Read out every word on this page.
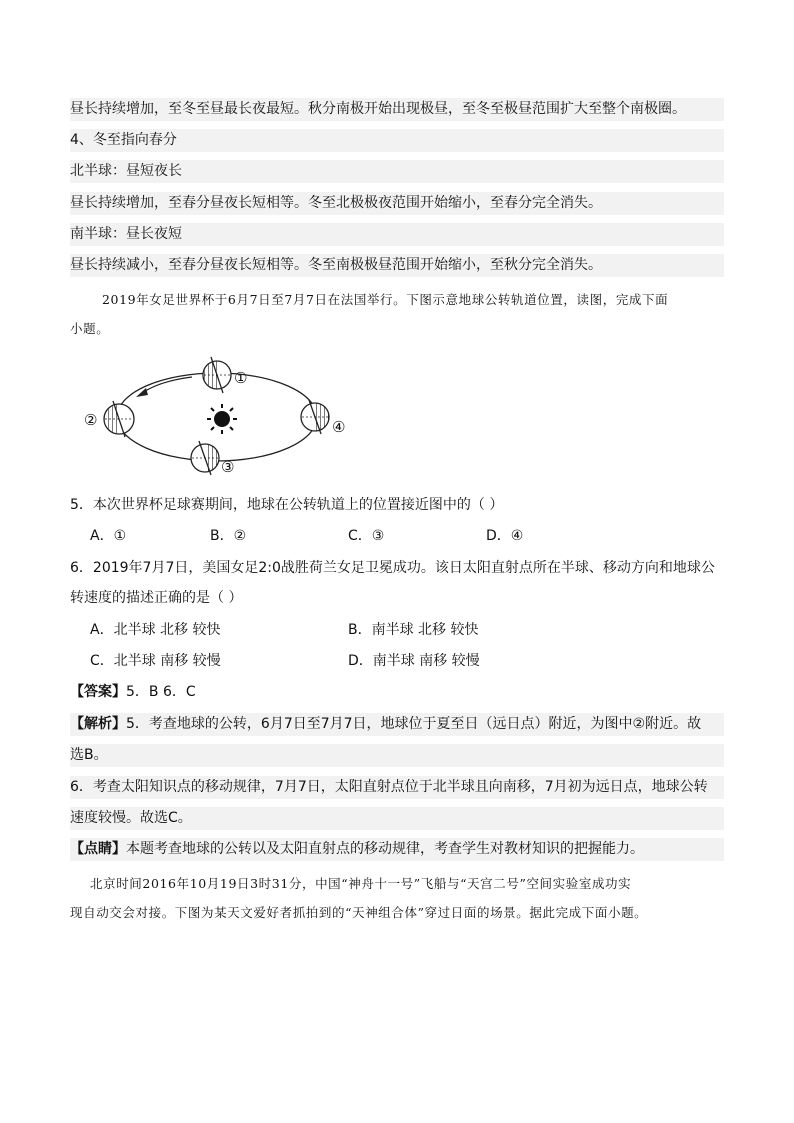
昼长持续增加，至冬至昼最长夜最短。秋分南极开始出现极昼，至冬至极昼范围扩大至整个南极圈。
4、冬至指向春分
北半球：昼短夜长
昼长持续增加，至春分昼夜长短相等。冬至北极极夜范围开始缩小，至春分完全消失。
南半球：昼长夜短
昼长持续减小，至春分昼夜长短相等。冬至南极极昼范围开始缩小，至秋分完全消失。
2019年女足世界杯于6月7日至7月7日在法国举行。下图示意地球公转轨道位置，读图，完成下面
小题。
①
②
③
④
5．本次世界杯足球赛期间，地球在公转轨道上的位置接近图中的（ ）
A．①	B．②	C．③	D．④
6．2019年7月7日，美国女足2:0战胜荷兰女足卫冕成功。该日太阳直射点所在半球、移动方向和地球公
转速度的描述正确的是（ ）
A．北半球 北移 较快	B．南半球 北移 较快
C．北半球 南移 较慢	D．南半球 南移 较慢
【答案】5．B 6．C
【解析】5．考查地球的公转，6月7日至7月7日，地球位于夏至日（远日点）附近，为图中②附近。故
选B。
6．考查太阳知识点的移动规律，7月7日，太阳直射点位于北半球且向南移，7月初为远日点，地球公转
速度较慢。故选C。
【点睛】本题考查地球的公转以及太阳直射点的移动规律，考查学生对教材知识的把握能力。
北京时间2016年10月19日3时31分，中国“神舟十一号”飞船与“天宫二号”空间实验室成功实
现自动交会对接。下图为某天文爱好者抓拍到的“天神组合体”穿过日面的场景。据此完成下面小题。
